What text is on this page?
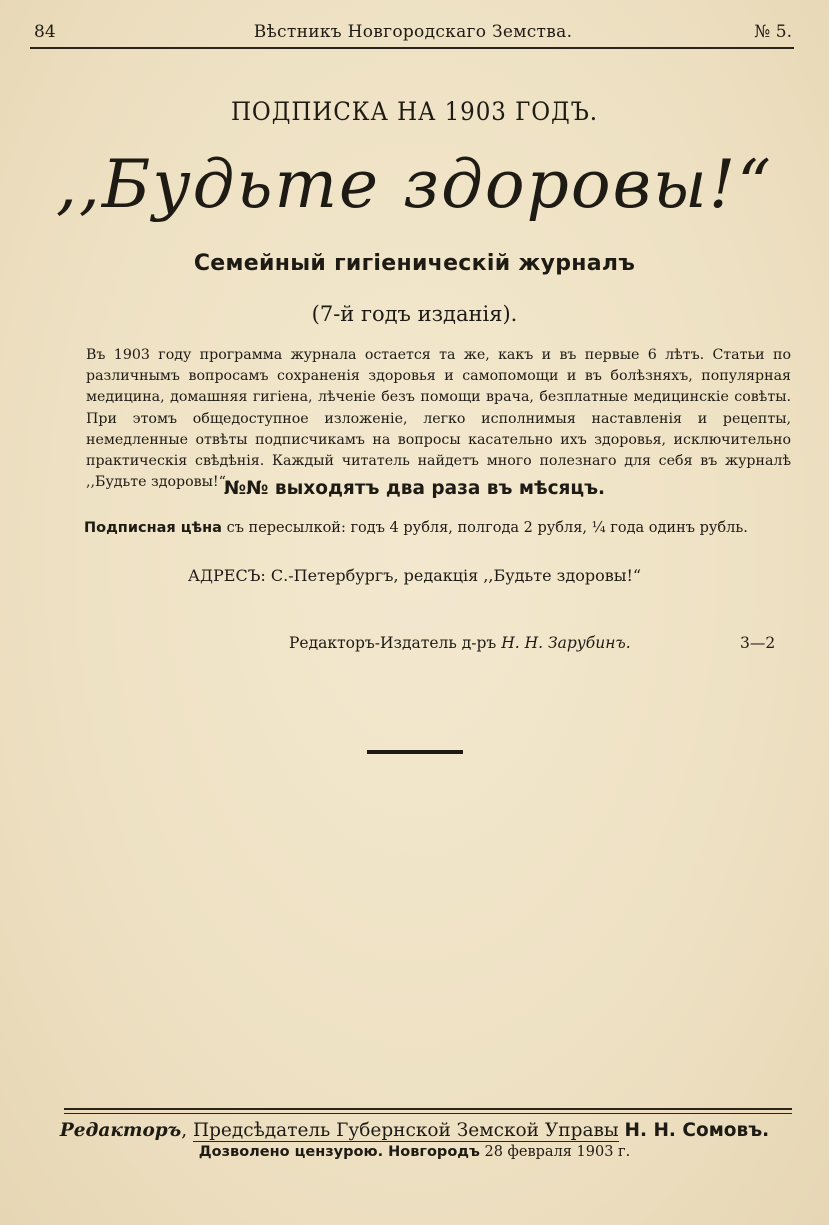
84	Вѣстникъ Новгородскаго Земства.	№ 5.
ПОДПИСКА НА 1903 ГОДЪ.
,,Будьте здоровы!“
Семейный гигіеническій журналъ
(7-й годъ изданія).
Въ 1903 году программа журнала остается та же, какъ и въ первые 6 лѣтъ. Статьи по различнымъ вопросамъ сохраненія здоровья и самопомощи и въ болѣзняхъ, популярная медицина, домашняя гигіена, лѣченіе безъ помощи врача, безплатные медицинскіе совѣты. При этомъ общедоступное изложеніе, легко исполнимыя наставленія и рецепты, немедленные отвѣты подписчикамъ на вопросы касательно ихъ здоровья, исключительно практическія свѣдѣнія. Каждый читатель найдетъ много полезнаго для себя въ журналѣ ,,Будьте здоровы!“
№№ выходятъ два раза въ мѣсяцъ.
Подписная цѣна съ пересылкой: годъ 4 рубля, полгода 2 рубля, ¼ года одинъ рубль.
АДРЕСЪ: С.-Петербургъ, редакція ,,Будьте здоровы!“
Редакторъ-Издатель д-ръ Н. Н. Зарубинъ.	3—2
Редакторъ, Предсѣдатель Губернской Земской Управы Н. Н. Сомовъ.
Дозволено цензурою. Новгородъ 28 февраля 1903 г.
